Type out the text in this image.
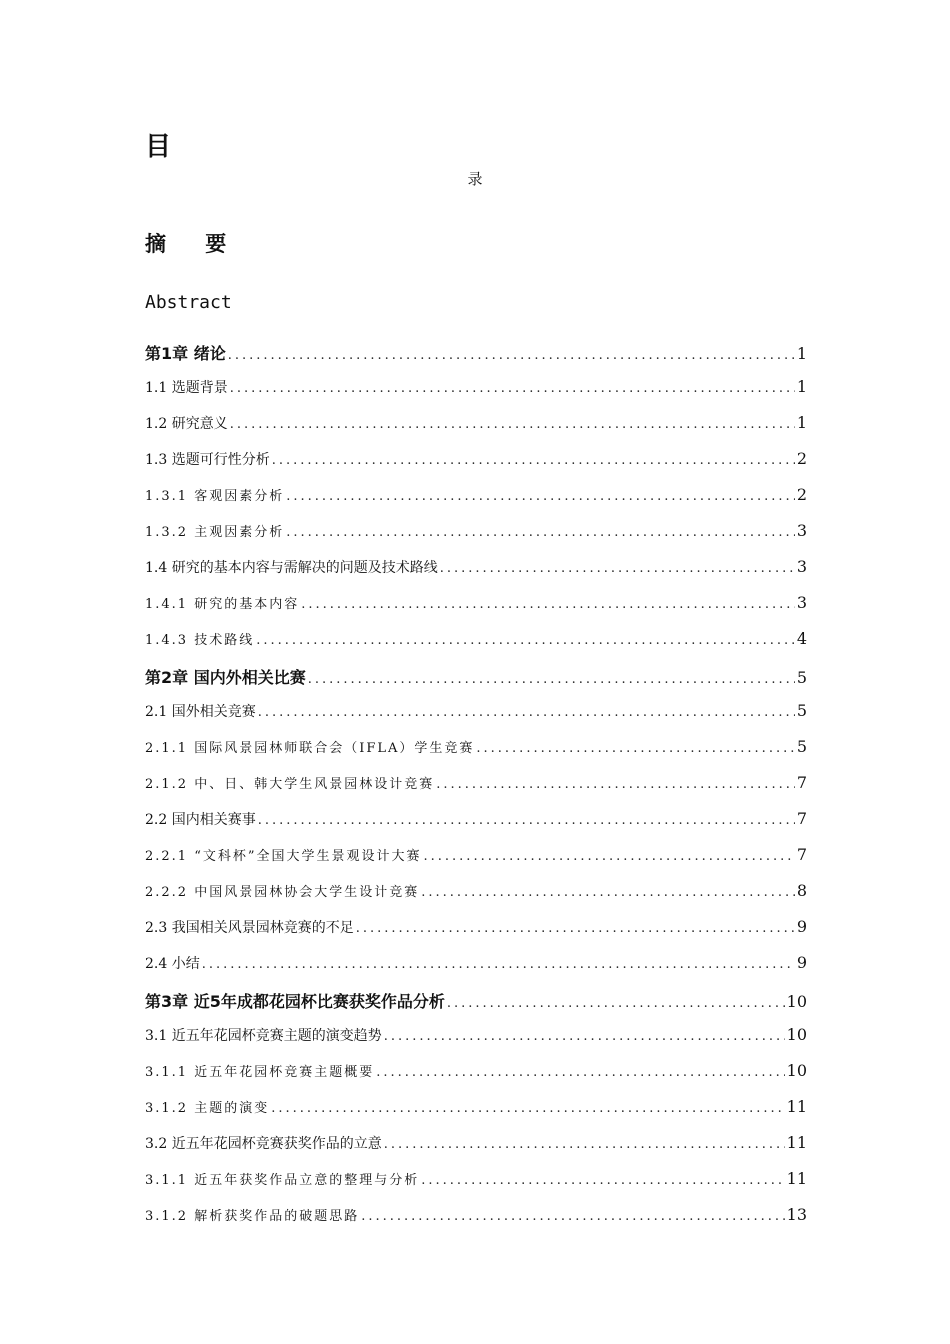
目
录
摘 要
Abstract
第1章 绪论 .....	1
1.1 选题背景 .....	1
1.2 研究意义 .....	1
1.3 选题可行性分析 .....	2
1.3.1 客观因素分析 .....	2
1.3.2 主观因素分析 .....	3
1.4 研究的基本内容与需解决的问题及技术路线 .....	3
1.4.1 研究的基本内容 .....	3
1.4.3 技术路线 .....	4
第2章 国内外相关比赛 .....	5
2.1 国外相关竞赛 .....	5
2.1.1 国际风景园林师联合会（IFLA）学生竞赛 .....	5
2.1.2 中、日、韩大学生风景园林设计竞赛 .....	7
2.2 国内相关赛事 .....	7
2.2.1 “文科杯”全国大学生景观设计大赛 .....	7
2.2.2 中国风景园林协会大学生设计竞赛 .....	8
2.3 我国相关风景园林竞赛的不足 .....	9
2.4 小结 .....	9
第3章 近5年成都花园杯比赛获奖作品分析 .....	10
3.1 近五年花园杯竞赛主题的演变趋势 .....	10
3.1.1 近五年花园杯竞赛主题概要 .....	10
3.1.2 主题的演变 .....	11
3.2 近五年花园杯竞赛获奖作品的立意 .....	11
3.1.1 近五年获奖作品立意的整理与分析 .....	11
3.1.2 解析获奖作品的破题思路 .....	13
